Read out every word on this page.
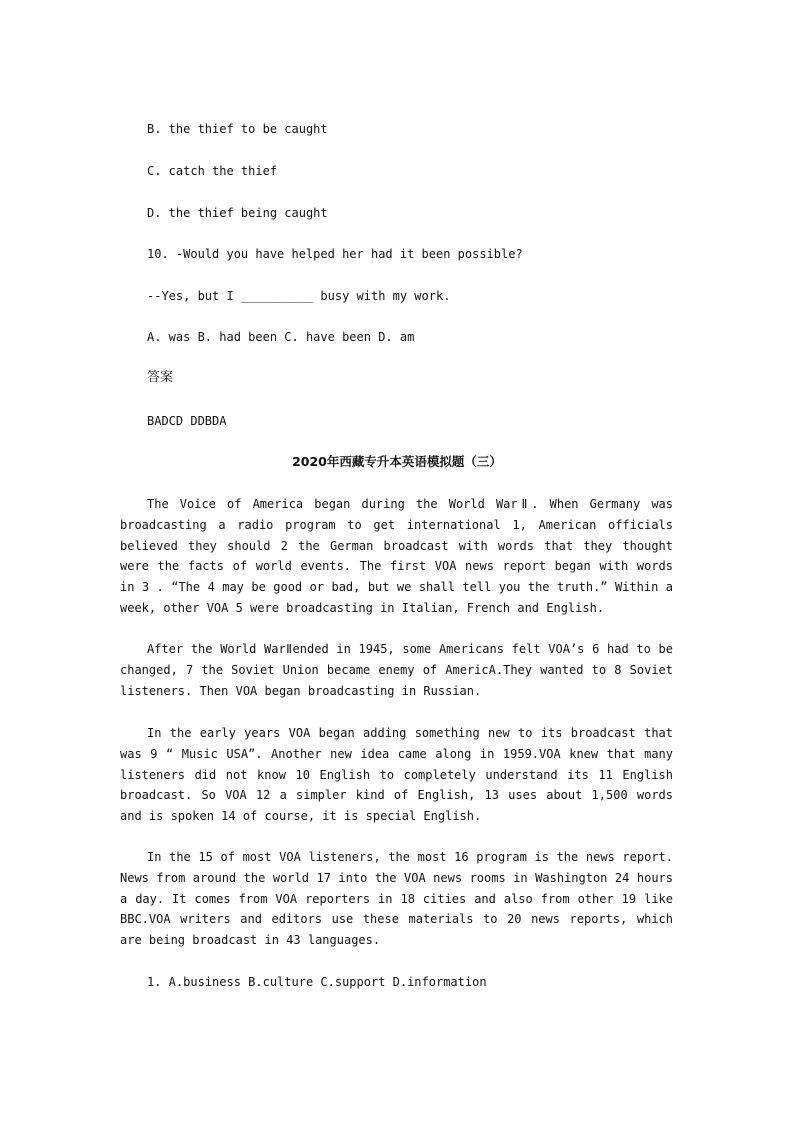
B. the thief to be caught
C. catch the thief
D. the thief being caught
10. -Would you have helped her had it been possible?
--Yes, but I __________ busy with my work.
A. was B. had been C. have been D. am
答案
BADCD DDBDA
2020年西藏专升本英语模拟题（三）

The Voice of America began during the World WarⅡ. When Germany was broadcasting a radio program to get international 1, American officials believed they should 2 the German broadcast with words that they thought were the facts of world events. The first VOA news report began with words in 3 . “The 4 may be good or bad, but we shall tell you the truth.” Within a week, other VOA 5 were broadcasting in Italian, French and English.

After the World WarⅡended in 1945, some Americans felt VOA’s 6 had to be changed, 7 the Soviet Union became enemy of AmericA.They wanted to 8 Soviet listeners. Then VOA began broadcasting in Russian.

In the early years VOA began adding something new to its broadcast that was 9 “ Music USA”. Another new idea came along in 1959.VOA knew that many listeners did not know 10 English to completely understand its 11 English broadcast. So VOA 12 a simpler kind of English, 13 uses about 1,500 words and is spoken 14 of course, it is special English.

In the 15 of most VOA listeners, the most 16 program is the news report. News from around the world 17 into the VOA news rooms in Washington 24 hours a day. It comes from VOA reporters in 18 cities and also from other 19 like BBC.VOA writers and editors use these materials to 20 news reports, which are being broadcast in 43 languages.

1. A.business B.culture C.support D.information
